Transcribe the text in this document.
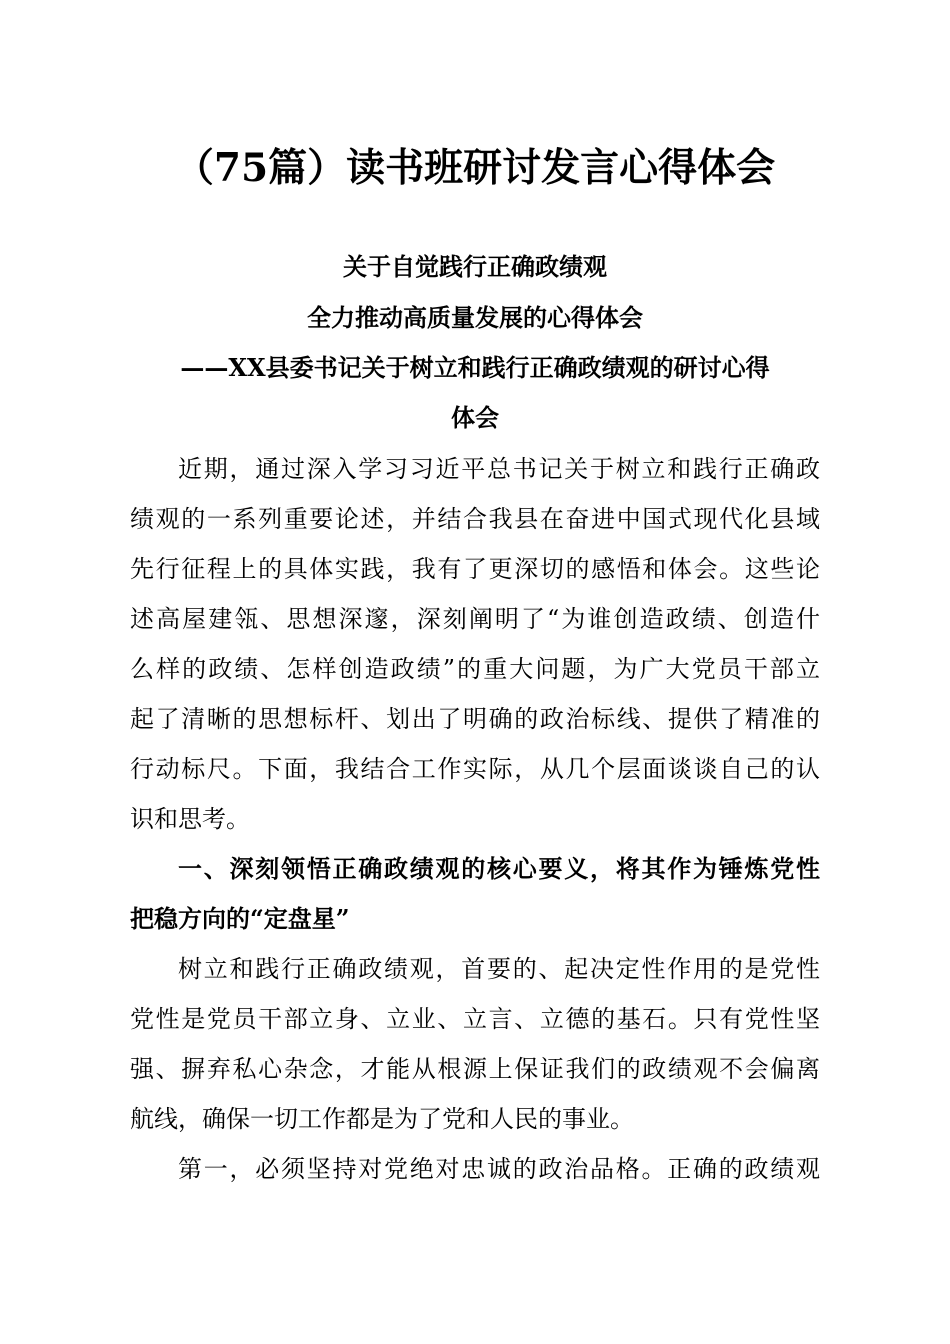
（75篇）读书班研讨发言心得体会

关于自觉践行正确政绩观

全力推动高质量发展的心得体会

——XX县委书记关于树立和践行正确政绩观的研讨心得

体会

近期，通过深入学习习近平总书记关于树立和践行正确政

绩观的一系列重要论述，并结合我县在奋进中国式现代化县域

先行征程上的具体实践，我有了更深切的感悟和体会。这些论

述高屋建瓴、思想深邃，深刻阐明了“为谁创造政绩、创造什

么样的政绩、怎样创造政绩”的重大问题，为广大党员干部立

起了清晰的思想标杆、划出了明确的政治标线、提供了精准的

行动标尺。下面，我结合工作实际，从几个层面谈谈自己的认

识和思考。

一、深刻领悟正确政绩观的核心要义，将其作为锤炼党性

把稳方向的“定盘星”

树立和践行正确政绩观，首要的、起决定性作用的是党性

党性是党员干部立身、立业、立言、立德的基石。只有党性坚

强、摒弃私心杂念，才能从根源上保证我们的政绩观不会偏离

航线，确保一切工作都是为了党和人民的事业。

第一，必须坚持对党绝对忠诚的政治品格。正确的政绩观
